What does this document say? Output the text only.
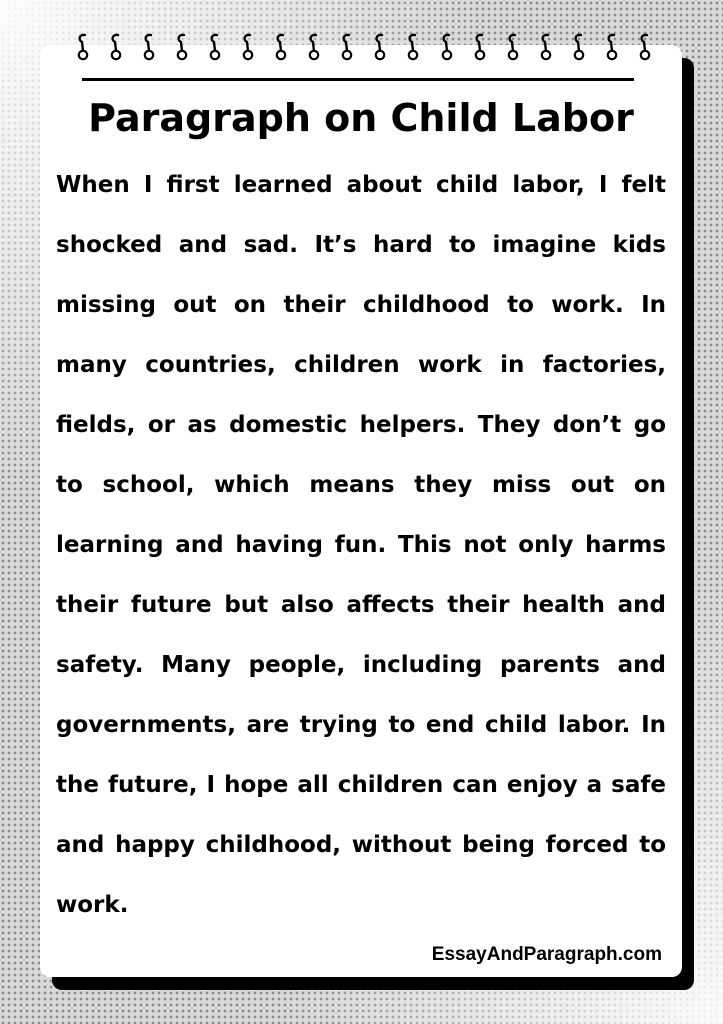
Paragraph on Child Labor

When I first learned about child labor, I felt shocked and sad. It’s hard to imagine kids missing out on their childhood to work. In many countries, children work in factories, fields, or as domestic helpers. They don’t go to school, which means they miss out on learning and having fun. This not only harms their future but also affects their health and safety. Many people, including parents and governments, are trying to end child labor. In the future, I hope all children can enjoy a safe and happy childhood, without being forced to work.

EssayAndParagraph.com
